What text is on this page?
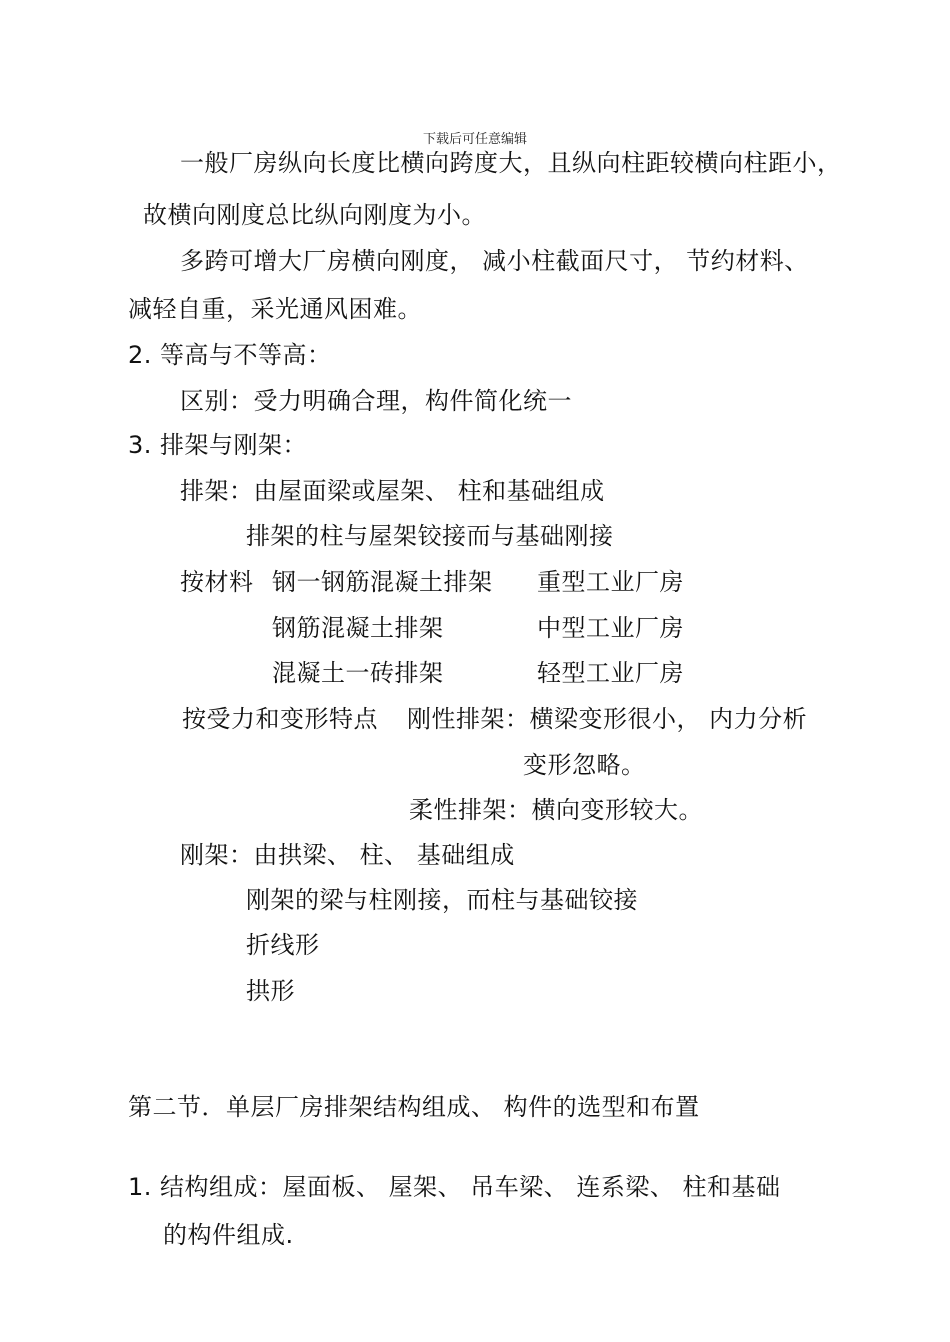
下载后可任意编辑
一般厂房纵向长度比横向跨度大，且纵向柱距较横向柱距小，
故横向刚度总比纵向刚度为小。
多跨可增大厂房横向刚度， 减小柱截面尺寸， 节约材料、
减轻自重，采光通风困难。
2. 等高与不等高：
区别：受力明确合理，构件简化统一
3. 排架与刚架：
排架：由屋面梁或屋架、 柱和基础组成
排架的柱与屋架铰接而与基础刚接
按材料 钢一钢筋混凝土排架 重型工业厂房
钢筋混凝土排架	中型工业厂房
混凝土一砖排架	轻型工业厂房
按受力和变形特点 刚性排架：横梁变形很小， 内力分析
变形忽略。
柔性排架：横向变形较大。
刚架：由拱梁、 柱、 基础组成
刚架的梁与柱刚接，而柱与基础铰接
折线形
拱形
第二节．单层厂房排架结构组成、 构件的选型和布置
1. 结构组成：屋面板、 屋架、 吊车梁、 连系梁、 柱和基础
的构件组成.
